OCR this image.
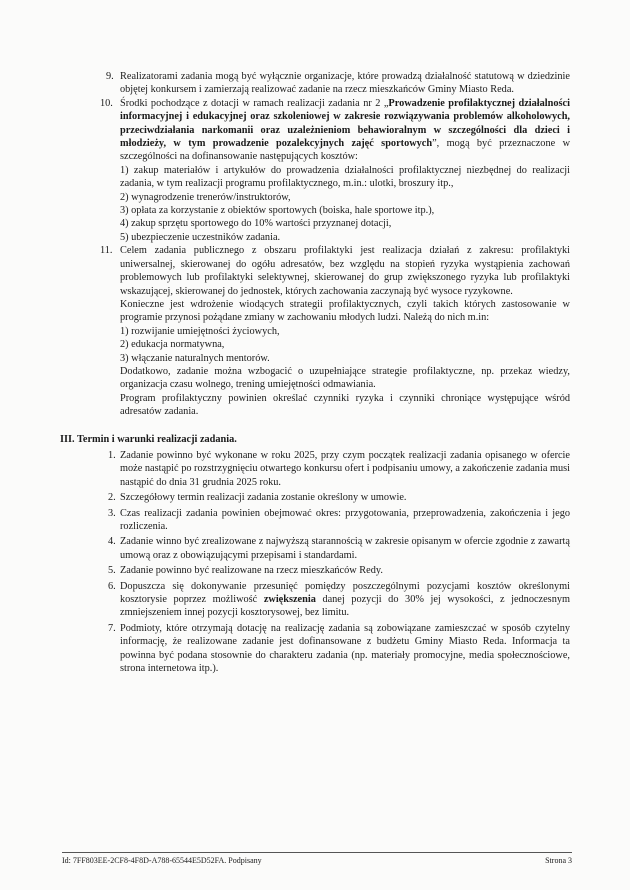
9. Realizatorami zadania mogą być wyłącznie organizacje, które prowadzą działalność statutową w dziedzinie objętej konkursem i zamierzają realizować zadanie na rzecz mieszkańców Gminy Miasto Reda.
10. Środki pochodzące z dotacji w ramach realizacji zadania nr 2 „Prowadzenie profilaktycznej działalności informacyjnej i edukacyjnej oraz szkoleniowej w zakresie rozwiązywania problemów alkoholowych, przeciwdziałania narkomanii oraz uzależnieniom behawioralnym w szczególności dla dzieci i młodzieży, w tym prowadzenie pozalekcyjnych zajęć sportowych”, mogą być przeznaczone w szczególności na dofinansowanie następujących kosztów:
1) zakup materiałów i artykułów do prowadzenia działalności profilaktycznej niezbędnej do realizacji zadania, w tym realizacji programu profilaktycznego, m.in.: ulotki, broszury itp.,
2) wynagrodzenie trenerów/instruktorów,
3) opłata za korzystanie z obiektów sportowych (boiska, hale sportowe itp.),
4) zakup sprzętu sportowego do 10% wartości przyznanej dotacji,
5) ubezpieczenie uczestników zadania.
11. Celem zadania publicznego z obszaru profilaktyki jest realizacja działań z zakresu: profilaktyki uniwersalnej, skierowanej do ogółu adresatów, bez względu na stopień ryzyka wystąpienia zachowań problemowych lub profilaktyki selektywnej, skierowanej do grup zwiększonego ryzyka lub profilaktyki wskazującej, skierowanej do jednostek, których zachowania zaczynają być wysoce ryzykowne.
Konieczne jest wdrożenie wiodących strategii profilaktycznych, czyli takich których zastosowanie w programie przynosi pożądane zmiany w zachowaniu młodych ludzi. Należą do nich m.in:
1) rozwijanie umiejętności życiowych,
2) edukacja normatywna,
3) włączanie naturalnych mentorów.
Dodatkowo, zadanie można wzbogacić o uzupełniające strategie profilaktyczne, np. przekaz wiedzy, organizacja czasu wolnego, trening umiejętności odmawiania.
Program profilaktyczny powinien określać czynniki ryzyka i czynniki chroniące występujące wśród adresatów zadania.
III. Termin i warunki realizacji zadania.
1. Zadanie powinno być wykonane w roku 2025, przy czym początek realizacji zadania opisanego w ofercie może nastąpić po rozstrzygnięciu otwartego konkursu ofert i podpisaniu umowy, a zakończenie zadania musi nastąpić do dnia 31 grudnia 2025 roku.
2. Szczegółowy termin realizacji zadania zostanie określony w umowie.
3. Czas realizacji zadania powinien obejmować okres: przygotowania, przeprowadzenia, zakończenia i jego rozliczenia.
4. Zadanie winno być zrealizowane z najwyższą starannością w zakresie opisanym w ofercie zgodnie z zawartą umową oraz z obowiązującymi przepisami i standardami.
5. Zadanie powinno być realizowane na rzecz mieszkańców Redy.
6. Dopuszcza się dokonywanie przesunięć pomiędzy poszczególnymi pozycjami kosztów określonymi kosztorysie poprzez możliwość zwiększenia danej pozycji do 30% jej wysokości, z jednoczesnym zmniejszeniem innej pozycji kosztorysowej, bez limitu.
7. Podmioty, które otrzymają dotację na realizację zadania są zobowiązane zamieszczać w sposób czytelny informację, że realizowane zadanie jest dofinansowane z budżetu Gminy Miasto Reda. Informacja ta powinna być podana stosownie do charakteru zadania (np. materiały promocyjne, media społecznościowe, strona internetowa itp.).
Id: 7FF803EE-2CF8-4F8D-A788-65544E5D52FA. Podpisany	Strona 3
